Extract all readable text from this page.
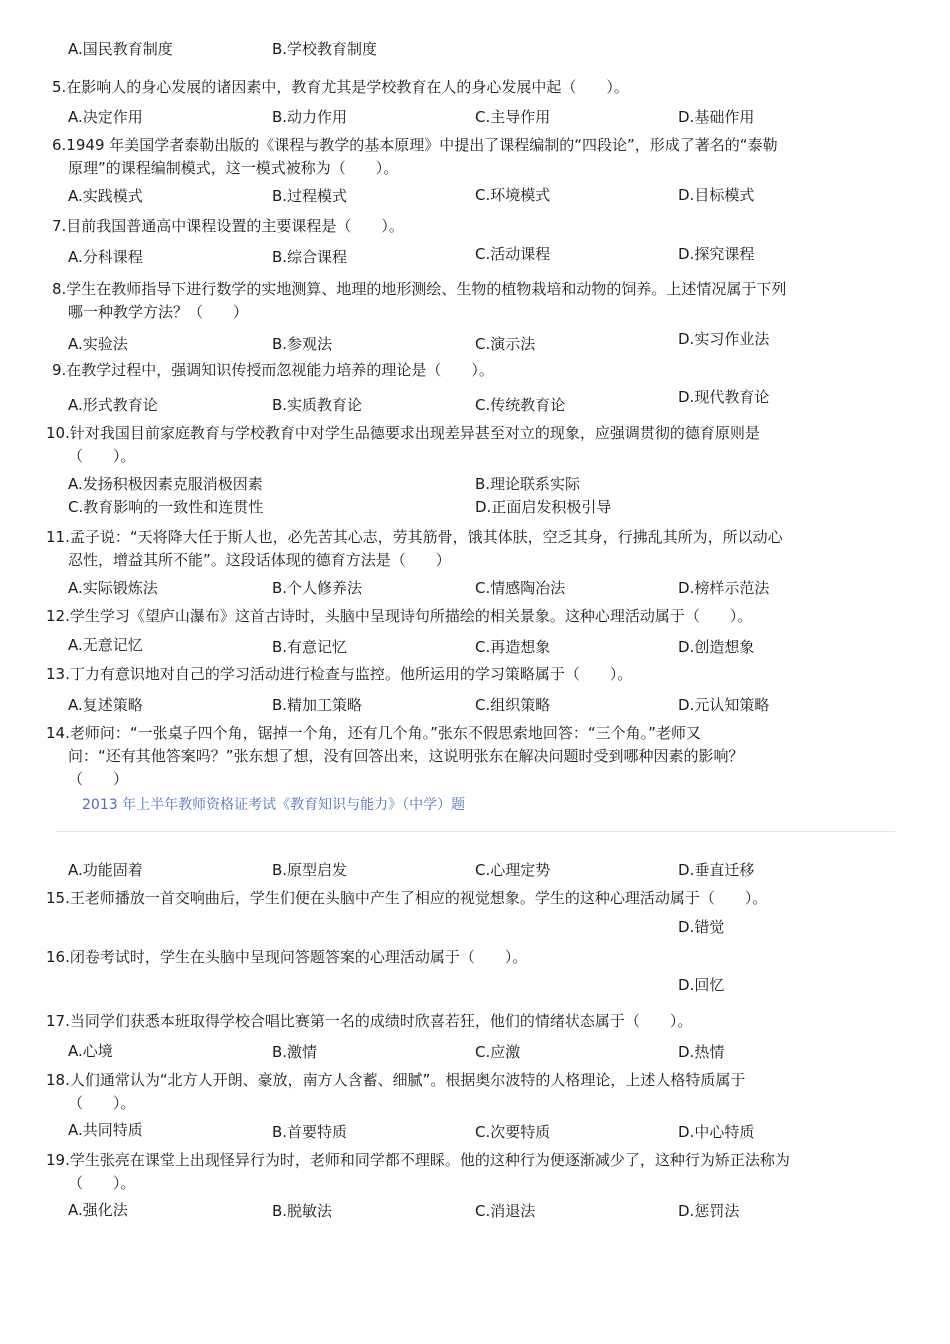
A.国民教育制度	B.学校教育制度
5.在影响人的身心发展的诸因素中，教育尤其是学校教育在人的身心发展中起（　　）。
A.决定作用	B.动力作用	C.主导作用	D.基础作用
6.1949 年美国学者泰勒出版的《课程与教学的基本原理》中提出了课程编制的“四段论”，形成了著名的“泰勒
原理”的课程编制模式，这一模式被称为（　　）。
A.实践模式	B.过程模式	C.环境模式	D.目标模式
7.目前我国普通高中课程设置的主要课程是（　　）。
A.分科课程	B.综合课程	C.活动课程	D.探究课程
8.学生在教师指导下进行数学的实地测算、地理的地形测绘、生物的植物栽培和动物的饲养。上述情况属于下列
哪一种教学方法？（　　）
A.实验法	B.参观法	C.演示法	D.实习作业法
9.在教学过程中，强调知识传授而忽视能力培养的理论是（　　）。
A.形式教育论	B.实质教育论	C.传统教育论	D.现代教育论
10.针对我国目前家庭教育与学校教育中对学生品德要求出现差异甚至对立的现象，应强调贯彻的德育原则是
（　　）。
A.发扬积极因素克服消极因素	B.理论联系实际
C.教育影响的一致性和连贯性	D.正面启发积极引导
11.孟子说：“天将降大任于斯人也，必先苦其心志，劳其筋骨，饿其体肤，空乏其身，行拂乱其所为，所以动心
忍性，增益其所不能”。这段话体现的德育方法是（　　）
A.实际锻炼法	B.个人修养法	C.情感陶冶法	D.榜样示范法
12.学生学习《望庐山瀑布》这首古诗时，头脑中呈现诗句所描绘的相关景象。这种心理活动属于（　　）。
A.无意记忆	B.有意记忆	C.再造想象	D.创造想象
13.丁力有意识地对自己的学习活动进行检查与监控。他所运用的学习策略属于（　　）。
A.复述策略	B.精加工策略	C.组织策略	D.元认知策略
14.老师问：“一张桌子四个角，锯掉一个角，还有几个角。”张东不假思索地回答：“三个角。”老师又
问：“还有其他答案吗？”张东想了想，没有回答出来，这说明张东在解决问题时受到哪种因素的影响？
（　　）
A.功能固着	B.原型启发	C.心理定势	D.垂直迁移
15.王老师播放一首交响曲后，学生们便在头脑中产生了相应的视觉想象。学生的这种心理活动属于（　　）。
D.错觉
16.闭卷考试时，学生在头脑中呈现问答题答案的心理活动属于（　　）。
D.回忆
17.当同学们获悉本班取得学校合唱比赛第一名的成绩时欣喜若狂，他们的情绪状态属于（　　）。
A.心境	B.激情	C.应激	D.热情
18.人们通常认为“北方人开朗、豪放，南方人含蓄、细腻”。根据奥尔波特的人格理论，上述人格特质属于
（　　）。
A.共同特质	B.首要特质	C.次要特质	D.中心特质
19.学生张亮在课堂上出现怪异行为时，老师和同学都不理睬。他的这种行为便逐渐减少了，这种行为矫正法称为
（　　）。
A.强化法	B.脱敏法	C.消退法	D.惩罚法
2013 年上半年教师资格证考试《教育知识与能力》（中学）题
